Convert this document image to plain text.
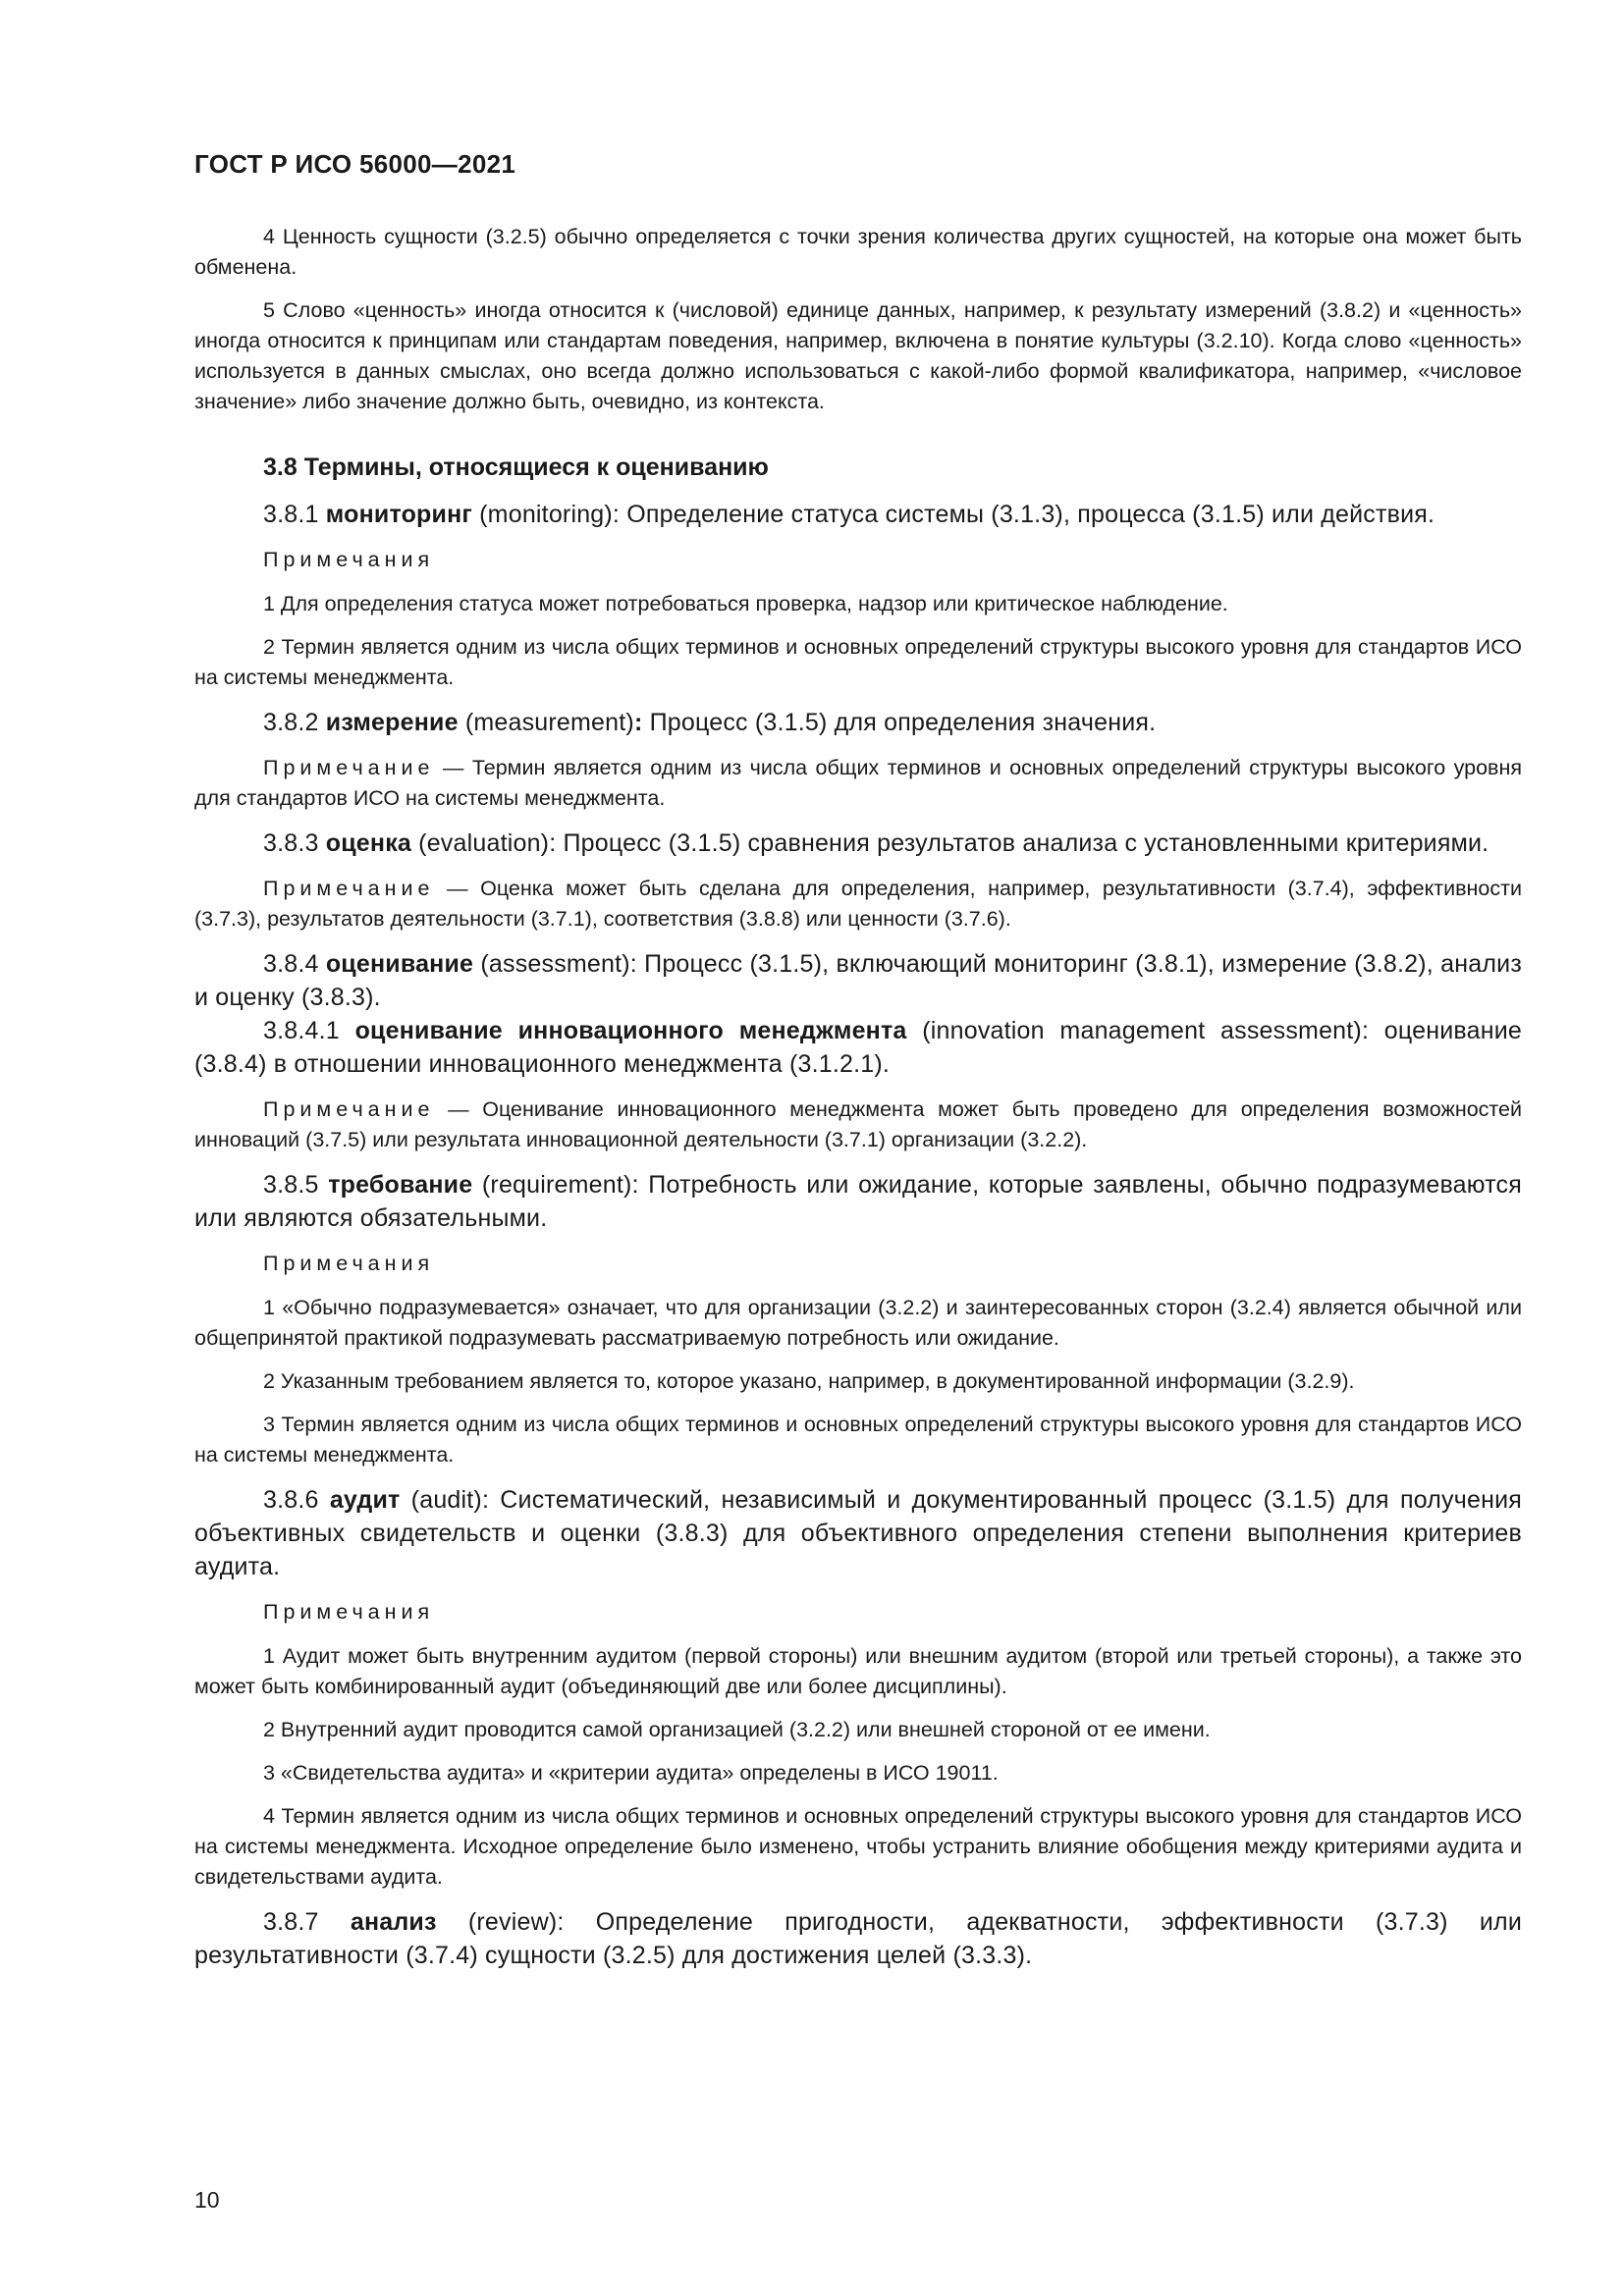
ГОСТ Р ИСО 56000—2021

4 Ценность сущности (3.2.5) обычно определяется с точки зрения количества других сущностей, на которые она может быть обменена.

5 Слово «ценность» иногда относится к (числовой) единице данных, например, к результату измерений (3.8.2) и «ценность» иногда относится к принципам или стандартам поведения, например, включена в понятие культуры (3.2.10). Когда слово «ценность» используется в данных смыслах, оно всегда должно использоваться с какой-либо формой квалификатора, например, «числовое значение» либо значение должно быть, очевидно, из контекста.

3.8 Термины, относящиеся к оцениванию

3.8.1 мониторинг (monitoring): Определение статуса системы (3.1.3), процесса (3.1.5) или действия.

Примечания

1 Для определения статуса может потребоваться проверка, надзор или критическое наблюдение.

2 Термин является одним из числа общих терминов и основных определений структуры высокого уровня для стандартов ИСО на системы менеджмента.

3.8.2 измерение (measurement): Процесс (3.1.5) для определения значения.

Примечание — Термин является одним из числа общих терминов и основных определений структуры высокого уровня для стандартов ИСО на системы менеджмента.

3.8.3 оценка (evaluation): Процесс (3.1.5) сравнения результатов анализа с установленными критериями.

Примечание — Оценка может быть сделана для определения, например, результативности (3.7.4), эффективности (3.7.3), результатов деятельности (3.7.1), соответствия (3.8.8) или ценности (3.7.6).

3.8.4 оценивание (assessment): Процесс (3.1.5), включающий мониторинг (3.8.1), измерение (3.8.2), анализ и оценку (3.8.3).

3.8.4.1 оценивание инновационного менеджмента (innovation management assessment): оценивание (3.8.4) в отношении инновационного менеджмента (3.1.2.1).

Примечание — Оценивание инновационного менеджмента может быть проведено для определения возможностей инноваций (3.7.5) или результата инновационной деятельности (3.7.1) организации (3.2.2).

3.8.5 требование (requirement): Потребность или ожидание, которые заявлены, обычно подразумеваются или являются обязательными.

Примечания

1 «Обычно подразумевается» означает, что для организации (3.2.2) и заинтересованных сторон (3.2.4) является обычной или общепринятой практикой подразумевать рассматриваемую потребность или ожидание.

2 Указанным требованием является то, которое указано, например, в документированной информации (3.2.9).

3 Термин является одним из числа общих терминов и основных определений структуры высокого уровня для стандартов ИСО на системы менеджмента.

3.8.6 аудит (audit): Систематический, независимый и документированный процесс (3.1.5) для получения объективных свидетельств и оценки (3.8.3) для объективного определения степени выполнения критериев аудита.

Примечания

1 Аудит может быть внутренним аудитом (первой стороны) или внешним аудитом (второй или третьей стороны), а также это может быть комбинированный аудит (объединяющий две или более дисциплины).

2 Внутренний аудит проводится самой организацией (3.2.2) или внешней стороной от ее имени.

3 «Свидетельства аудита» и «критерии аудита» определены в ИСО 19011.

4 Термин является одним из числа общих терминов и основных определений структуры высокого уровня для стандартов ИСО на системы менеджмента. Исходное определение было изменено, чтобы устранить влияние обобщения между критериями аудита и свидетельствами аудита.

3.8.7 анализ (review): Определение пригодности, адекватности, эффективности (3.7.3) или результативности (3.7.4) сущности (3.2.5) для достижения целей (3.3.3).

10
